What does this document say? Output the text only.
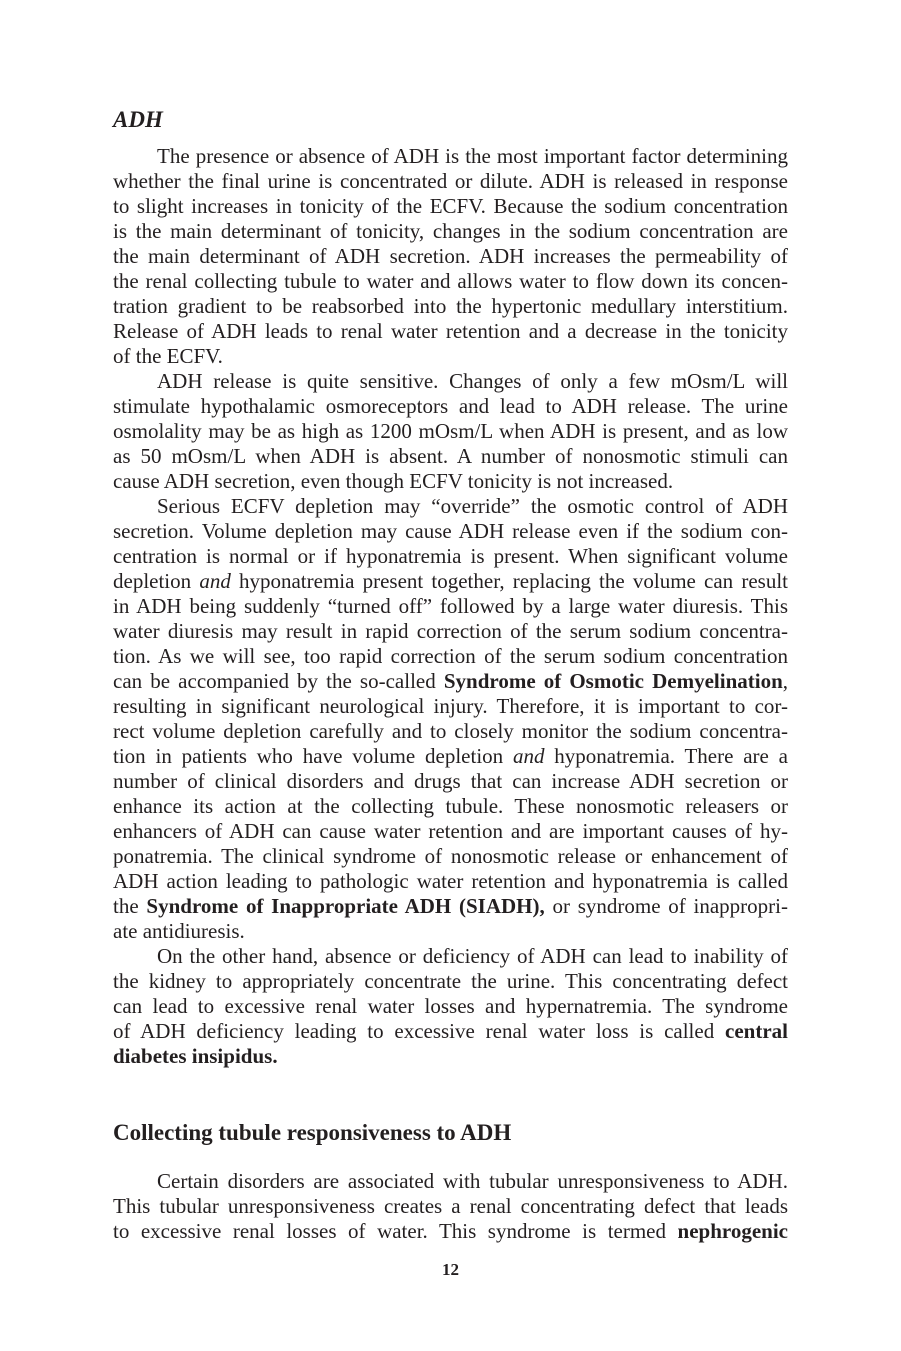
ADH
The presence or absence of ADH is the most important factor determining
whether the final urine is concentrated or dilute. ADH is released in response
to slight increases in tonicity of the ECFV. Because the sodium concentration
is the main determinant of tonicity, changes in the sodium concentration are
the main determinant of ADH secretion. ADH increases the permeability of
the renal collecting tubule to water and allows water to flow down its concen-
tration gradient to be reabsorbed into the hypertonic medullary interstitium.
Release of ADH leads to renal water retention and a decrease in the tonicity
of the ECFV.
ADH release is quite sensitive. Changes of only a few mOsm/L will
stimulate hypothalamic osmoreceptors and lead to ADH release. The urine
osmolality may be as high as 1200 mOsm/L when ADH is present, and as low
as 50 mOsm/L when ADH is absent. A number of nonosmotic stimuli can
cause ADH secretion, even though ECFV tonicity is not increased.
Serious ECFV depletion may “override” the osmotic control of ADH
secretion. Volume depletion may cause ADH release even if the sodium con-
centration is normal or if hyponatremia is present. When significant volume
depletion and hyponatremia present together, replacing the volume can result
in ADH being suddenly “turned off” followed by a large water diuresis. This
water diuresis may result in rapid correction of the serum sodium concentra-
tion. As we will see, too rapid correction of the serum sodium concentration
can be accompanied by the so-called Syndrome of Osmotic Demyelination,
resulting in significant neurological injury. Therefore, it is important to cor-
rect volume depletion carefully and to closely monitor the sodium concentra-
tion in patients who have volume depletion and hyponatremia. There are a
number of clinical disorders and drugs that can increase ADH secretion or
enhance its action at the collecting tubule. These nonosmotic releasers or
enhancers of ADH can cause water retention and are important causes of hy-
ponatremia. The clinical syndrome of nonosmotic release or enhancement of
ADH action leading to pathologic water retention and hyponatremia is called
the Syndrome of Inappropriate ADH (SIADH), or syndrome of inappropri-
ate antidiuresis.
On the other hand, absence or deficiency of ADH can lead to inability of
the kidney to appropriately concentrate the urine. This concentrating defect
can lead to excessive renal water losses and hypernatremia. The syndrome
of ADH deficiency leading to excessive renal water loss is called central
diabetes insipidus.
Collecting tubule responsiveness to ADH
Certain disorders are associated with tubular unresponsiveness to ADH.
This tubular unresponsiveness creates a renal concentrating defect that leads
to excessive renal losses of water. This syndrome is termed nephrogenic
12
